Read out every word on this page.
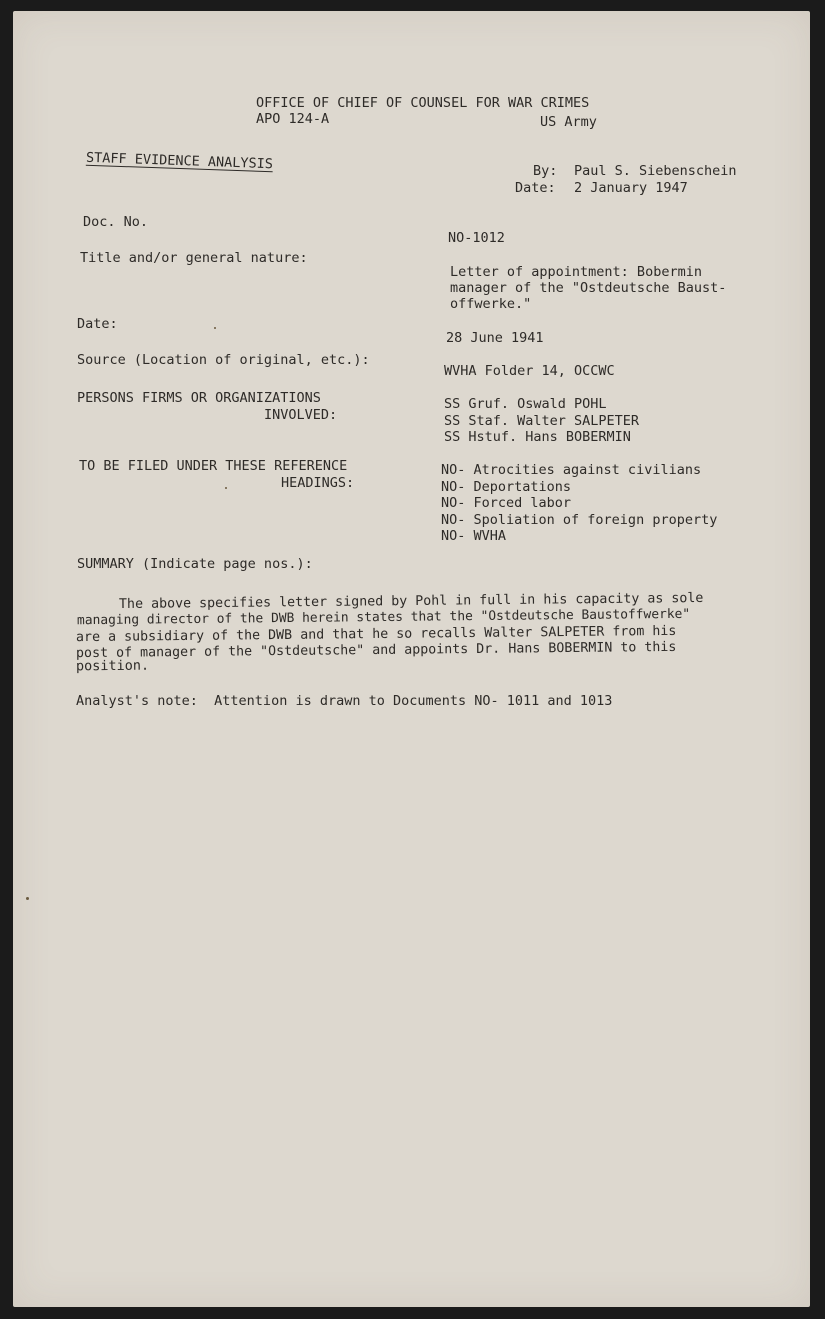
OFFICE OF CHIEF OF COUNSEL FOR WAR CRIMES
APO 124-A	US Army
STAFF EVIDENCE ANALYSIS	By: Paul S. Siebenschein
Date: 2 January 1947
Doc. No.
NO-1012
Title and/or general nature:
Letter of appointment: Bobermin
manager of the "Ostdeutsche Baust-
offwerke."
Date:
28 June 1941
Source (Location of original, etc.):
WVHA Folder 14, OCCWC
PERSONS FIRMS OR ORGANIZATIONS
INVOLVED:
SS Gruf. Oswald POHL
SS Staf. Walter SALPETER
SS Hstuf. Hans BOBERMIN
TO BE FILED UNDER THESE REFERENCE
HEADINGS:
NO- Atrocities against civilians
NO- Deportations
NO- Forced labor
NO- Spoliation of foreign property
NO- WVHA
SUMMARY (Indicate page nos.):
The above specifies letter signed by Pohl in full in his capacity as sole
managing director of the DWB herein states that the "Ostdeutsche Baustoffwerke"
are a subsidiary of the DWB and that he so recalls Walter SALPETER from his
post of manager of the "Ostdeutsche" and appoints Dr. Hans BOBERMIN to this
position.
Analyst's note:  Attention is drawn to Documents NO- 1011 and 1013
